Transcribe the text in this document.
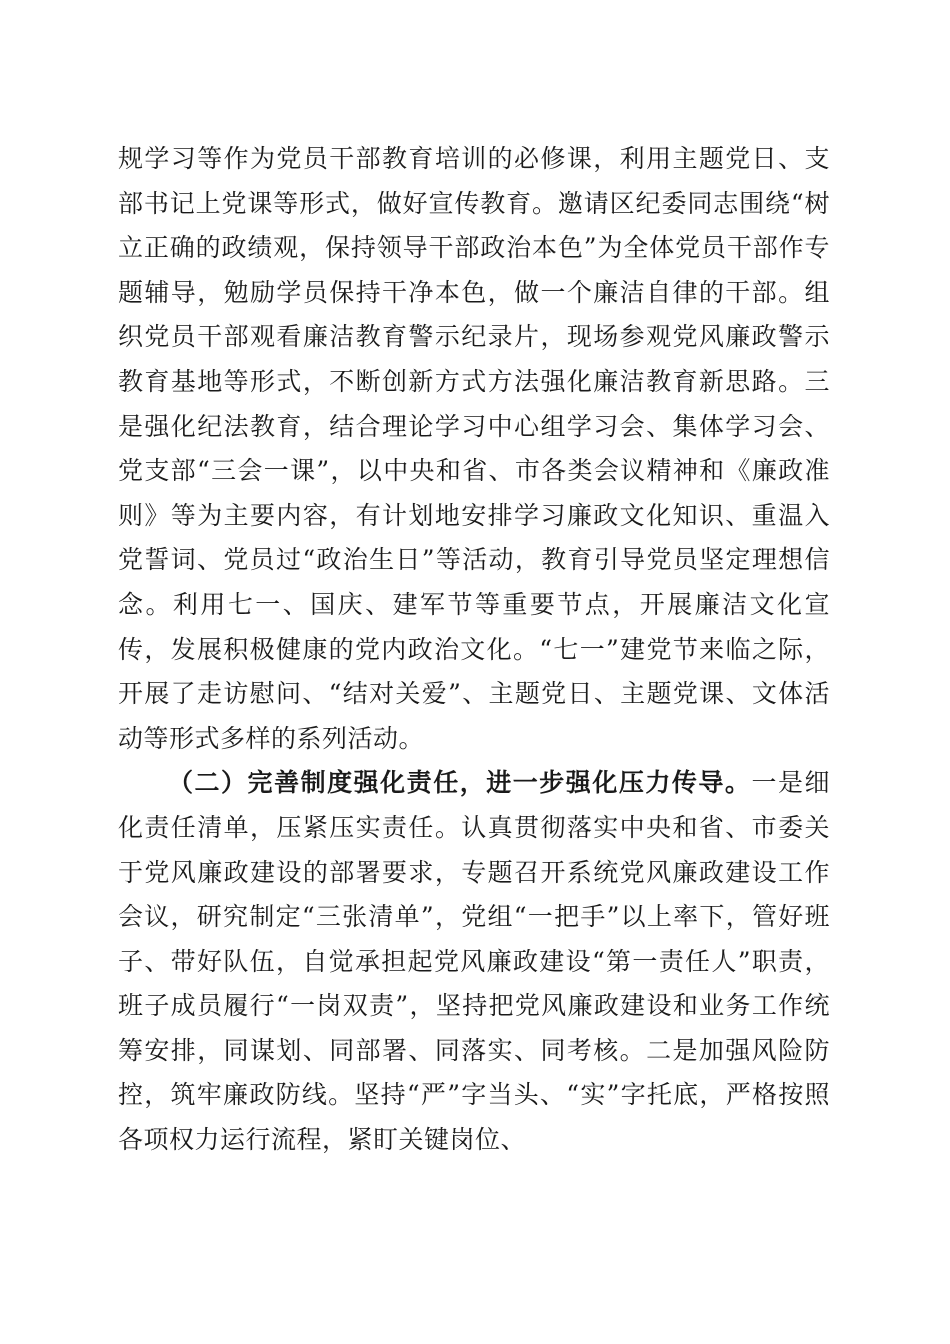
规学习等作为党员干部教育培训的必修课，利用主题党日、支部书记上党课等形式，做好宣传教育。邀请区纪委同志围绕“树立正确的政绩观，保持领导干部政治本色”为全体党员干部作专题辅导，勉励学员保持干净本色，做一个廉洁自律的干部。组织党员干部观看廉洁教育警示纪录片，现场参观党风廉政警示教育基地等形式，不断创新方式方法强化廉洁教育新思路。三是强化纪法教育，结合理论学习中心组学习会、集体学习会、党支部“三会一课”，以中央和省、市各类会议精神和《廉政准则》等为主要内容，有计划地安排学习廉政文化知识、重温入党誓词、党员过“政治生日”等活动，教育引导党员坚定理想信念。利用七一、国庆、建军节等重要节点，开展廉洁文化宣传，发展积极健康的党内政治文化。“七一”建党节来临之际，开展了走访慰问、“结对关爱”、主题党日、主题党课、文体活动等形式多样的系列活动。

（二）完善制度强化责任，进一步强化压力传导。一是细化责任清单，压紧压实责任。认真贯彻落实中央和省、市委关于党风廉政建设的部署要求，专题召开系统党风廉政建设工作会议，研究制定“三张清单”，党组“一把手”以上率下，管好班子、带好队伍，自觉承担起党风廉政建设“第一责任人”职责，班子成员履行“一岗双责”，坚持把党风廉政建设和业务工作统筹安排，同谋划、同部署、同落实、同考核。二是加强风险防控，筑牢廉政防线。坚持“严”字当头、“实”字托底，严格按照各项权力运行流程，紧盯关键岗位、
